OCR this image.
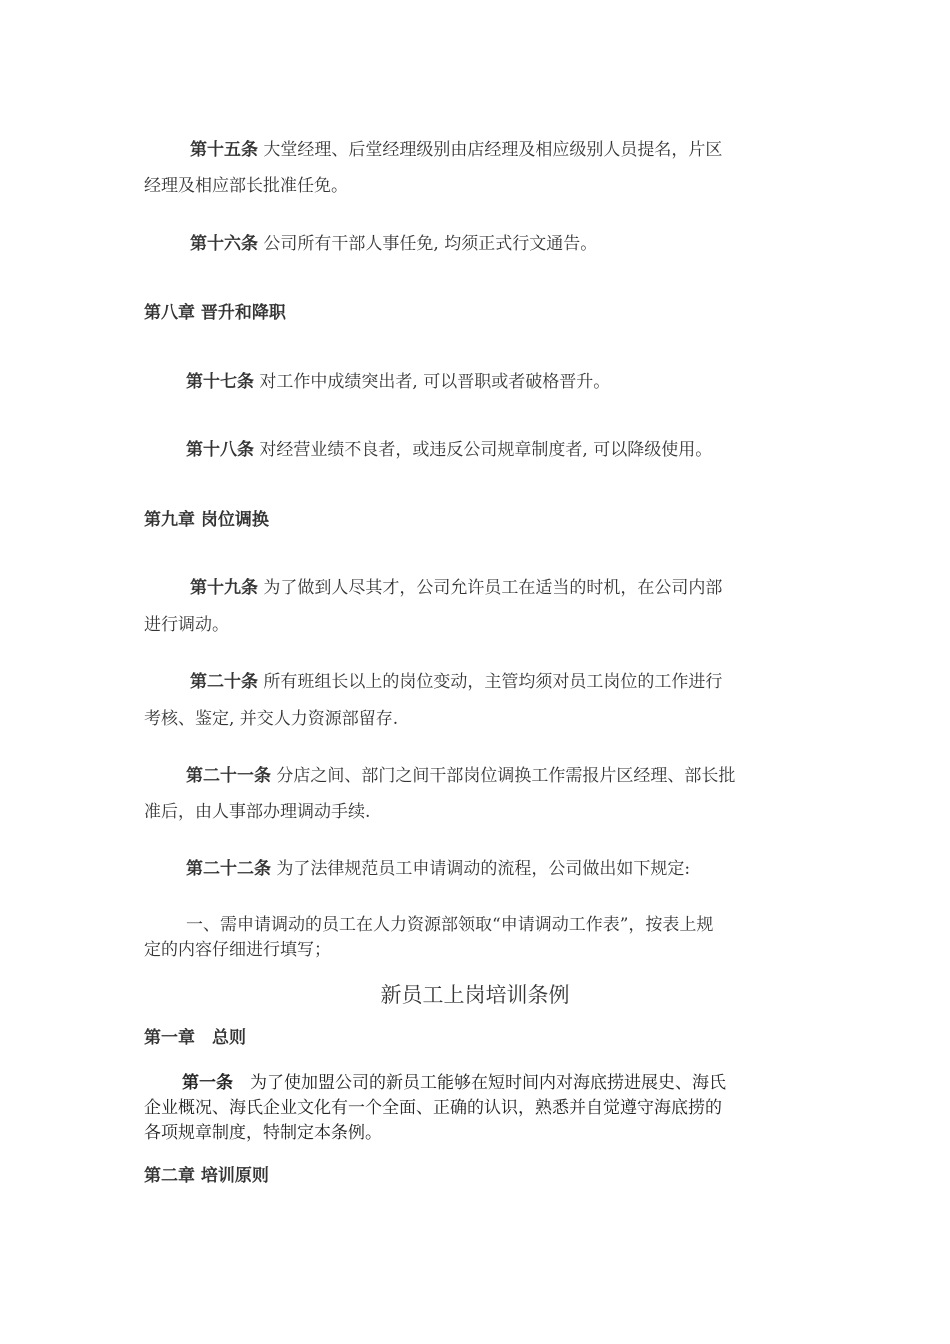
第十五条 大堂经理、后堂经理级别由店经理及相应级别人员提名，片区
经理及相应部长批准任免。
第十六条 公司所有干部人事任免, 均须正式行文通告。
第八章 晋升和降职
第十七条 对工作中成绩突出者, 可以晋职或者破格晋升。
第十八条 对经营业绩不良者，或违反公司规章制度者, 可以降级使用。
第九章 岗位调换
第十九条 为了做到人尽其才，公司允许员工在适当的时机，在公司内部
进行调动。
第二十条 所有班组长以上的岗位变动，主管均须对员工岗位的工作进行
考核、鉴定, 并交人力资源部留存.
第二十一条 分店之间、部门之间干部岗位调换工作需报片区经理、部长批
准后，由人事部办理调动手续.
第二十二条 为了法律规范员工申请调动的流程，公司做出如下规定:
一、需申请调动的员工在人力资源部领取“申请调动工作表”，按表上规
定的内容仔细进行填写；
新员工上岗培训条例
第一章　总则
第一条　为了使加盟公司的新员工能够在短时间内对海底捞进展史、海氏
企业概况、海氏企业文化有一个全面、正确的认识，熟悉并自觉遵守海底捞的
各项规章制度，特制定本条例。
第二章 培训原则
